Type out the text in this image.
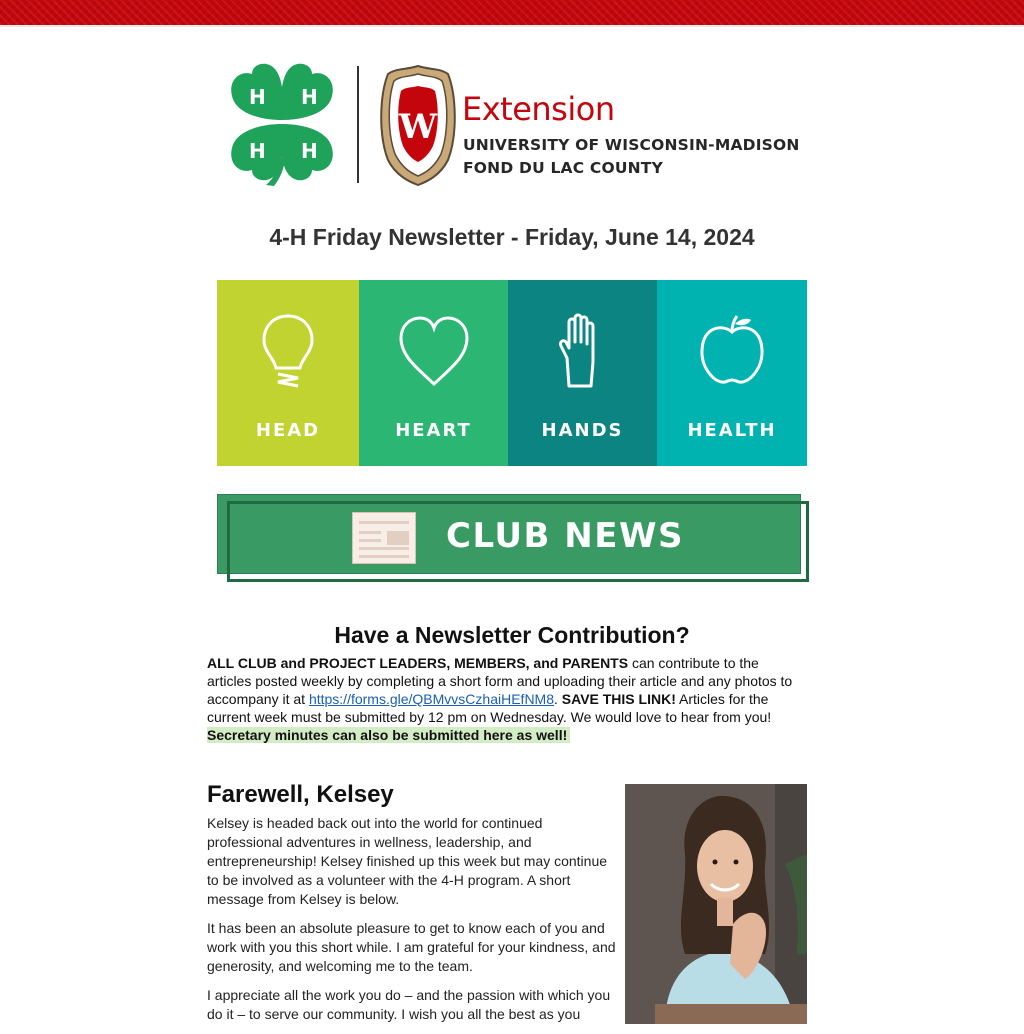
H H
H H
W Extension
UNIVERSITY OF WISCONSIN-MADISON
FOND DU LAC COUNTY
4-H Friday Newsletter - Friday, June 14, 2024
HEAD	HEART	HANDS	HEALTH
CLUB NEWS
Have a Newsletter Contribution?
ALL CLUB and PROJECT LEADERS, MEMBERS, and PARENTS can contribute to the articles posted weekly by completing a short form and uploading their article and any photos to accompany it at https://forms.gle/QBMvvsCzhaiHEfNM8. SAVE THIS LINK! Articles for the current week must be submitted by 12 pm on Wednesday. We would love to hear from you!
Secretary minutes can also be submitted here as well!
Farewell, Kelsey

Kelsey is headed back out into the world for continued professional adventures in wellness, leadership, and entrepreneurship! Kelsey finished up this week but may continue to be involved as a volunteer with the 4-H program. A short message from Kelsey is below.

It has been an absolute pleasure to get to know each of you and work with you this short while. I am grateful for your kindness, and generosity, and welcoming me to the team.

I appreciate all the work you do – and the passion with which you do it – to serve our community. I wish you all the best as you
